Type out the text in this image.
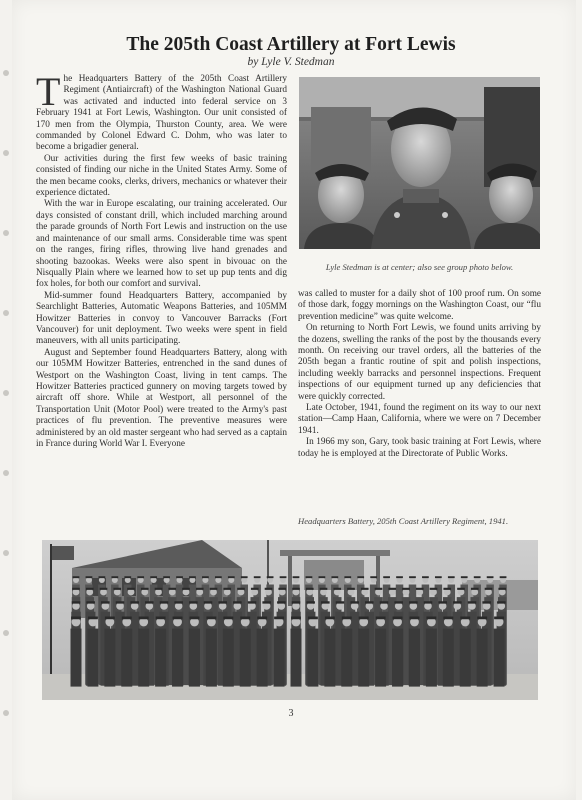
The 205th Coast Artillery at Fort Lewis
by Lyle V. Stedman

The Headquarters Battery of the 205th Coast Artillery Regiment (Antiaircraft) of the Washington National Guard was activated and inducted into federal service on 3 February 1941 at Fort Lewis, Washington. Our unit consisted of 170 men from the Olympia, Thurston County, area. We were commanded by Colonel Edward C. Dohm, who was later to become a brigadier general.

Our activities during the first few weeks of basic training consisted of finding our niche in the United States Army. Some of the men became cooks, clerks, drivers, mechanics or whatever their experience dictated.

With the war in Europe escalating, our training accelerated. Our days consisted of constant drill, which included marching around the parade grounds of North Fort Lewis and instruction on the use and maintenance of our small arms. Considerable time was spent on the ranges, firing rifles, throwing live hand grenades and shooting bazookas. Weeks were also spent in bivouac on the Nisqually Plain where we learned how to set up pup tents and dig fox holes, for both our comfort and survival.

Mid-summer found Headquarters Battery, accompanied by Searchlight Batteries, Automatic Weapons Batteries, and 105MM Howitzer Batteries in convoy to Vancouver Barracks (Fort Vancouver) for unit deployment. Two weeks were spent in field maneuvers, with all units participating.

August and September found Headquarters Battery, along with our 105MM Howitzer Batteries, entrenched in the sand dunes of Westport on the Washington Coast, living in tent camps. The Howitzer Batteries practiced gunnery on moving targets towed by aircraft off shore. While at Westport, all personnel of the Transportation Unit (Motor Pool) were treated to the Army's past practices of flu prevention. The preventive measures were administered by an old master sergeant who had served as a captain in France during World War I. Everyone

Lyle Stedman is at center; also see group photo below.

was called to muster for a daily shot of 100 proof rum. On some of those dark, foggy mornings on the Washington Coast, our “flu prevention medicine” was quite welcome.

On returning to North Fort Lewis, we found units arriving by the dozens, swelling the ranks of the post by the thousands every month. On receiving our travel orders, all the batteries of the 205th began a frantic routine of spit and polish inspections, including weekly barracks and personnel inspections. Frequent inspections of our equipment turned up any deficiencies that were quickly corrected.

Late October, 1941, found the regiment on its way to our next station—Camp Haan, California, where we were on 7 December 1941.

In 1966 my son, Gary, took basic training at Fort Lewis, where today he is employed at the Directorate of Public Works.

Headquarters Battery, 205th Coast Artillery Regiment, 1941.
3
